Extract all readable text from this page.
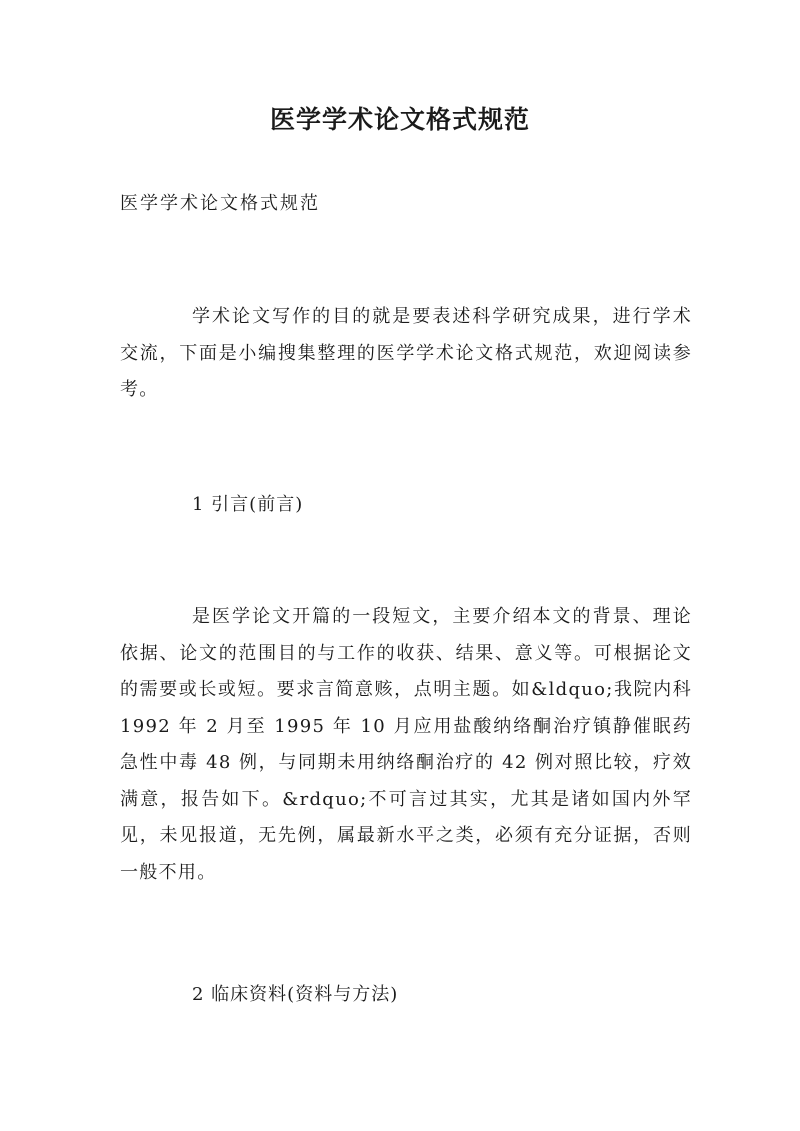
医学学术论文格式规范

医学学术论文格式规范

学术论文写作的目的就是要表述科学研究成果，进行学术交流，下面是小编搜集整理的医学学术论文格式规范，欢迎阅读参考。

1 引言(前言)

是医学论文开篇的一段短文，主要介绍本文的背景、理论依据、论文的范围目的与工作的收获、结果、意义等。可根据论文的需要或长或短。要求言简意赅，点明主题。如&ldquo;我院内科 1992 年 2 月至 1995 年 10 月应用盐酸纳络酮治疗镇静催眠药急性中毒 48 例，与同期未用纳络酮治疗的 42 例对照比较，疗效满意，报告如下。&rdquo;不可言过其实，尤其是诸如国内外罕见，未见报道，无先例，属最新水平之类，必须有充分证据，否则一般不用。

2 临床资料(资料与方法)
